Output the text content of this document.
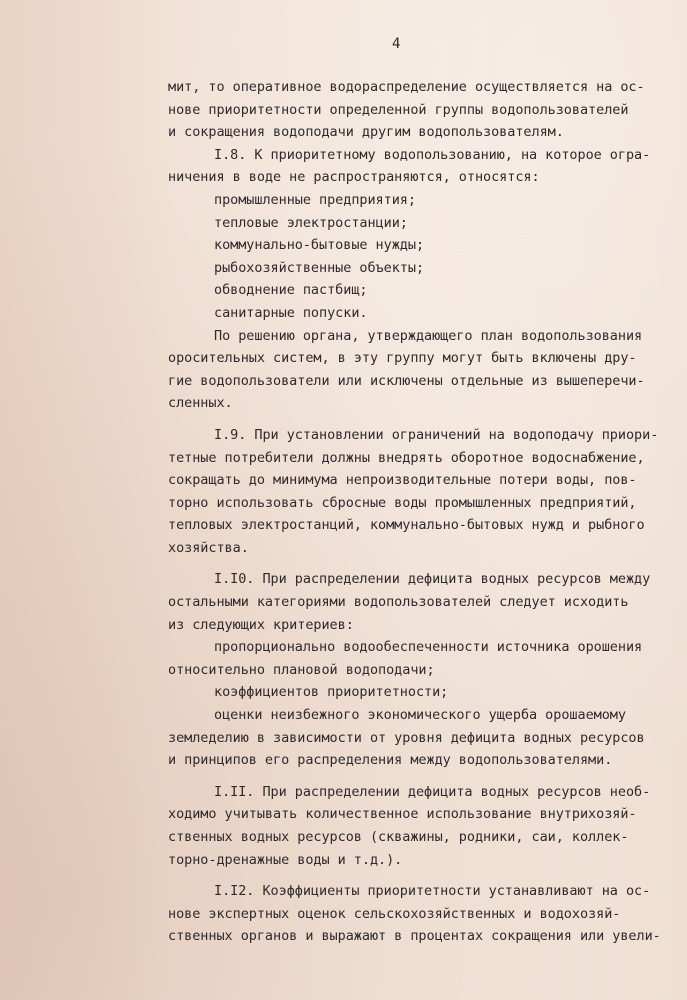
4
мит, то оперативное водораспределение осуществляется на ос-
нове приоритетности определенной группы водопользователей
и сокращения водоподачи другим водопользователям.
I.8. К приоритетному водопользованию, на которое огра-
ничения в воде не распространяются, относятся:
промышленные предприятия;
тепловые электростанции;
коммунально-бытовые нужды;
рыбохозяйственные объекты;
обводнение пастбищ;
санитарные попуски.
По решению органа, утверждающего план водопользования
оросительных систем, в эту группу могут быть включены дру-
гие водопользователи или исключены отдельные из вышеперечи-
сленных.
I.9. При установлении ограничений на водоподачу приори-
тетные потребители должны внедрять оборотное водоснабжение,
сокращать до минимума непроизводительные потери воды, пов-
торно использовать сбросные воды промышленных предприятий,
тепловых электростанций, коммунально-бытовых нужд и рыбного
хозяйства.
I.I0. При распределении дефицита водных ресурсов между
остальными категориями водопользователей следует исходить
из следующих критериев:
пропорционально водообеспеченности источника орошения
относительно плановой водоподачи;
коэффициентов приоритетности;
оценки неизбежного экономического ущерба орошаемому
земледелию в зависимости от уровня дефицита водных ресурсов
и принципов его распределения между водопользователями.
I.II. При распределении дефицита водных ресурсов необ-
ходимо учитывать количественное использование внутрихозяй-
ственных водных ресурсов (скважины, родники, саи, коллек-
торно-дренажные воды и т.д.).
I.I2. Коэффициенты приоритетности устанавливают на ос-
нове экспертных оценок сельскохозяйственных и водохозяй-
ственных органов и выражают в процентах сокращения или увели-
